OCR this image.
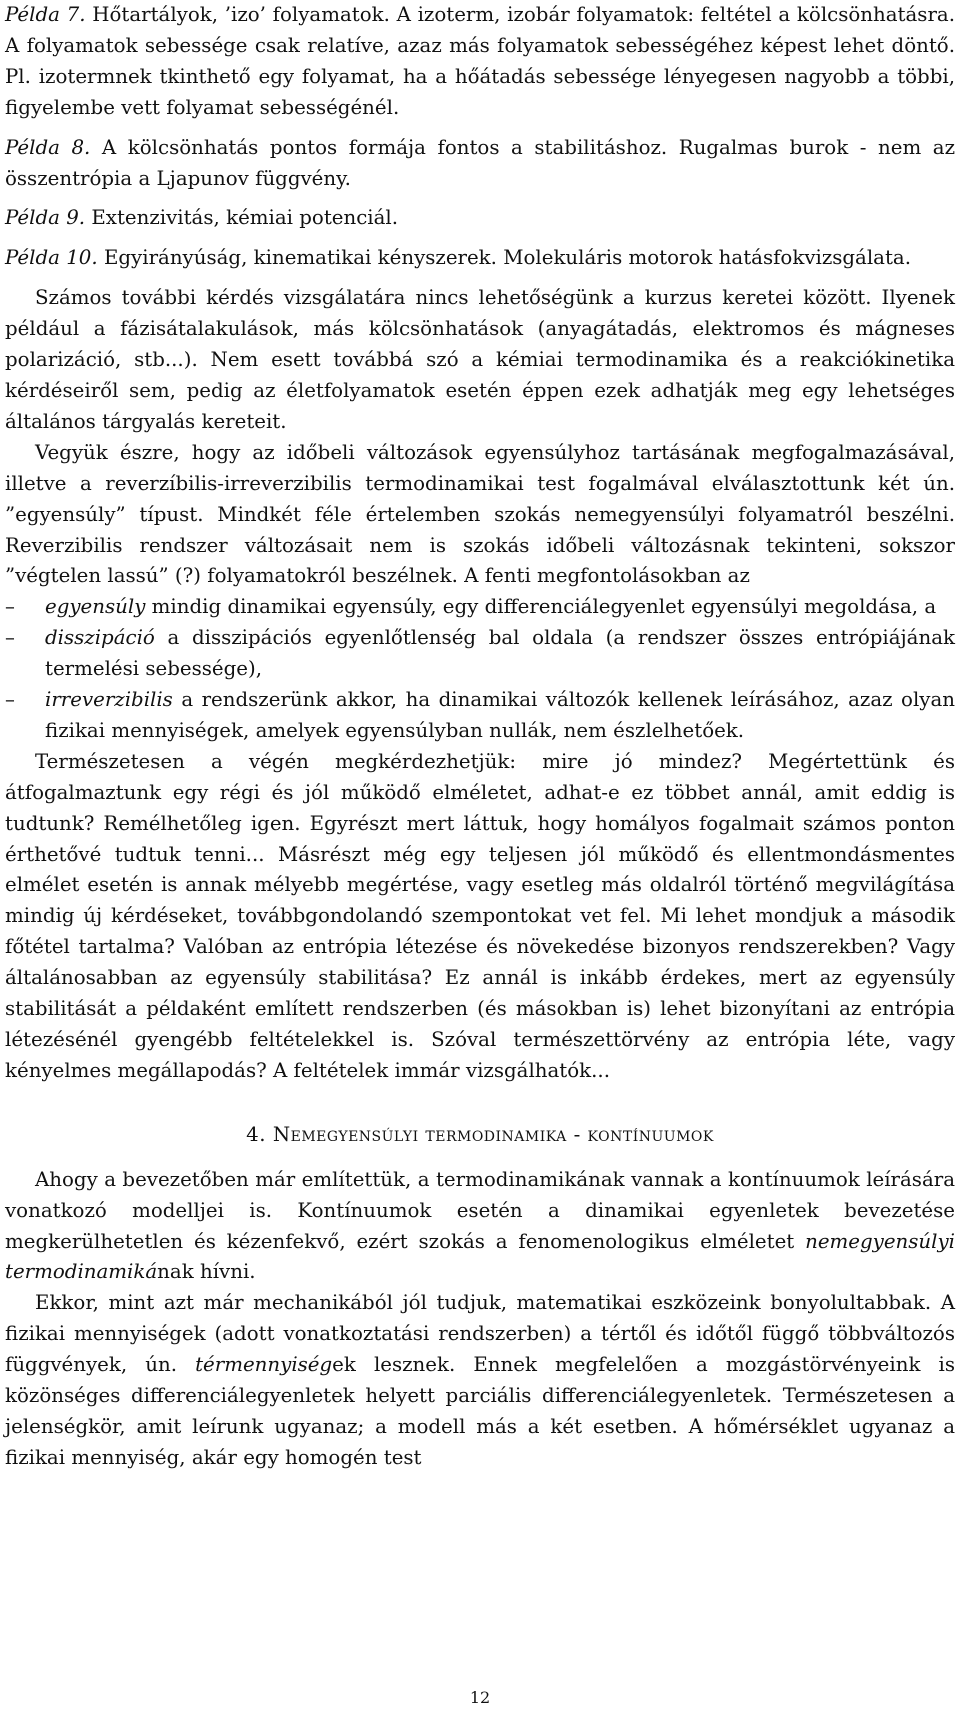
Példa 7. Hőtartályok, ’izo’ folyamatok. A izoterm, izobár folyamatok: feltétel a kölcsönhatásra. A folyamatok sebessége csak relatíve, azaz más folyamatok sebességéhez képest lehet döntő. Pl. izotermnek tkinthető egy folyamat, ha a hőátadás sebessége lényegesen nagyobb a többi, figyelembe vett folyamat sebességénél.

Példa 8. A kölcsönhatás pontos formája fontos a stabilitáshoz. Rugalmas burok - nem az összentrópia a Ljapunov függvény.

Példa 9. Extenzivitás, kémiai potenciál.

Példa 10. Egyirányúság, kinematikai kényszerek. Molekuláris motorok hatásfokvizsgálata.

Számos további kérdés vizsgálatára nincs lehetőségünk a kurzus keretei között. Ilyenek például a fázisátalakulások, más kölcsönhatások (anyagátadás, elektromos és mágneses polarizáció, stb...). Nem esett továbbá szó a kémiai termodinamika és a reakciókinetika kérdéseiről sem, pedig az életfolyamatok esetén éppen ezek adhatják meg egy lehetséges általános tárgyalás kereteit.

Vegyük észre, hogy az időbeli változások egyensúlyhoz tartásának megfogalmazásával, illetve a reverzíbilis-irreverzibilis termodinamikai test fogalmával elválasztottunk két ún. ”egyensúly” típust. Mindkét féle értelemben szokás nemegyensúlyi folyamatról beszélni. Reverzibilis rendszer változásait nem is szokás időbeli változásnak tekinteni, sokszor ”végtelen lassú” (?) folyamatokról beszélnek. A fenti megfontolásokban az

–	egyensúly mindig dinamikai egyensúly, egy differenciálegyenlet egyensúlyi megoldása, a
–	disszipáció a disszipációs egyenlőtlenség bal oldala (a rendszer összes entrópiájának termelési sebessége),
–	irreverzibilis a rendszerünk akkor, ha dinamikai változók kellenek leírásához, azaz olyan fizikai mennyiségek, amelyek egyensúlyban nullák, nem észlelhetőek.

Természetesen a végén megkérdezhetjük: mire jó mindez? Megértettünk és átfogalmaztunk egy régi és jól működő elméletet, adhat-e ez többet annál, amit eddig is tudtunk? Remélhetőleg igen. Egyrészt mert láttuk, hogy homályos fogalmait számos ponton érthetővé tudtuk tenni... Másrészt még egy teljesen jól működő és ellentmondásmentes elmélet esetén is annak mélyebb megértése, vagy esetleg más oldalról történő megvilágítása mindig új kérdéseket, továbbgondolandó szempontokat vet fel. Mi lehet mondjuk a második főtétel tartalma? Valóban az entrópia létezése és növekedése bizonyos rendszerekben? Vagy általánosabban az egyensúly stabilitása? Ez annál is inkább érdekes, mert az egyensúly stabilitását a példaként említett rendszerben (és másokban is) lehet bizonyítani az entrópia létezésénél gyengébb feltételekkel is. Szóval természettörvény az entrópia léte, vagy kényelmes megállapodás? A feltételek immár vizsgálhatók...

4. Nemegyensúlyi termodinamika - kontínuumok

Ahogy a bevezetőben már említettük, a termodinamikának vannak a kontínuumok leírására vonatkozó modelljei is. Kontínuumok esetén a dinamikai egyenletek bevezetése megkerülhetetlen és kézenfekvő, ezért szokás a fenomenologikus elméletet nemegyensúlyi termodinamikának hívni.

Ekkor, mint azt már mechanikából jól tudjuk, matematikai eszközeink bonyolultabbak. A fizikai mennyiségek (adott vonatkoztatási rendszerben) a tértől és időtől függő többváltozós függvények, ún. térmennyiségek lesznek. Ennek megfelelően a mozgástörvényeink is közönséges differenciálegyenletek helyett parciális differenciálegyenletek. Természetesen a jelenségkör, amit leírunk ugyanaz; a modell más a két esetben. A hőmérséklet ugyanaz a fizikai mennyiség, akár egy homogén test

12
